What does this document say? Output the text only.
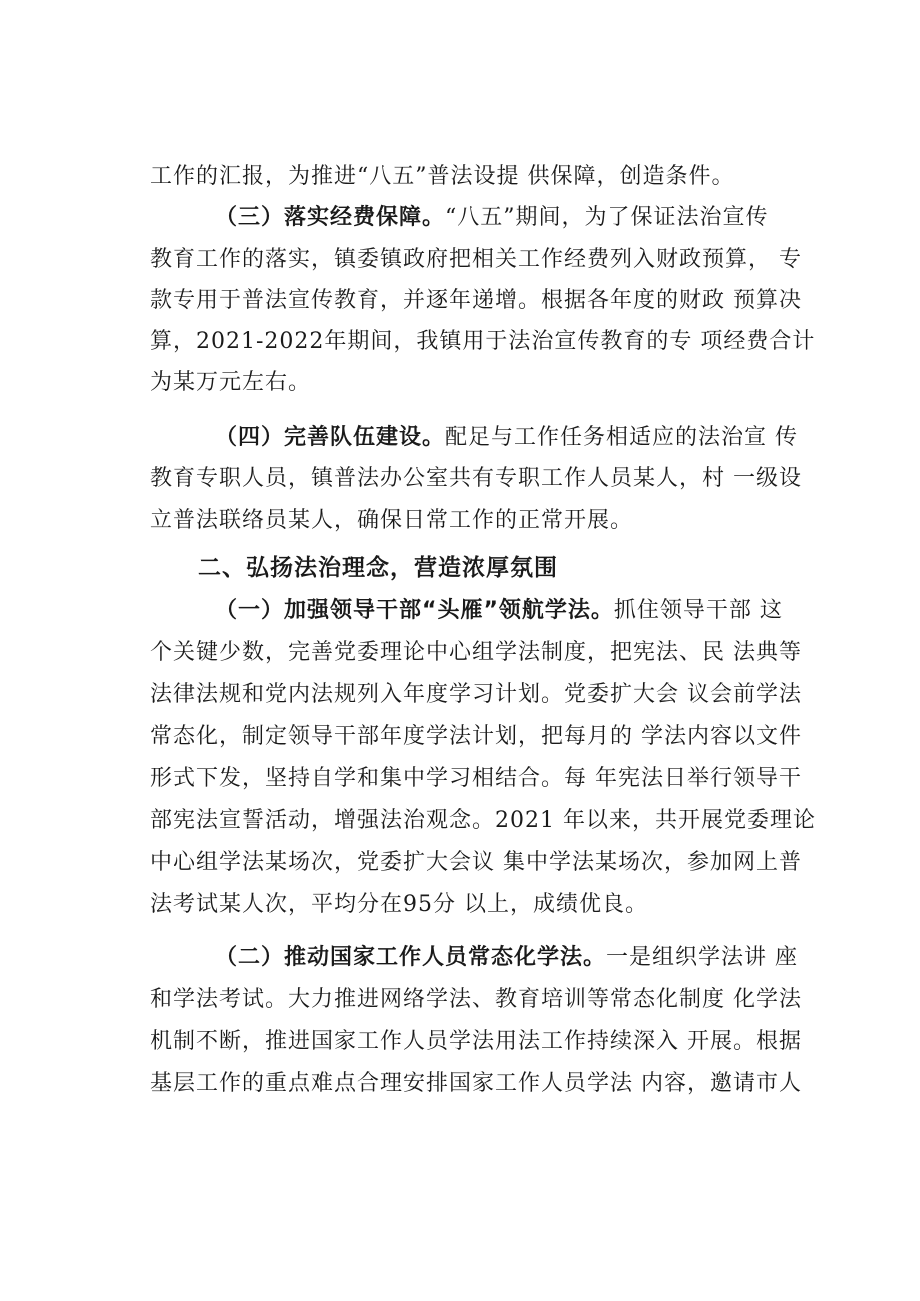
工作的汇报，为推进“八五”普法设提 供保障，创造条件。
（三）落实经费保障。“八五”期间，为了保证法治宣传
教育工作的落实，镇委镇政府把相关工作经费列入财政预算， 专
款专用于普法宣传教育，并逐年递增。根据各年度的财政 预算决
算，2021-2022年期间，我镇用于法治宣传教育的专 项经费合计
为某万元左右。
（四）完善队伍建设。配足与工作任务相适应的法治宣 传
教育专职人员，镇普法办公室共有专职工作人员某人，村 一级设
立普法联络员某人，确保日常工作的正常开展。
二、弘扬法治理念，营造浓厚氛围
（一）加强领导干部“头雁”领航学法。抓住领导干部 这
个关键少数，完善党委理论中心组学法制度，把宪法、民 法典等
法律法规和党内法规列入年度学习计划。党委扩大会 议会前学法
常态化，制定领导干部年度学法计划，把每月的 学法内容以文件
形式下发，坚持自学和集中学习相结合。每 年宪法日举行领导干
部宪法宣誓活动，增强法治观念。2021 年以来，共开展党委理论
中心组学法某场次，党委扩大会议 集中学法某场次，参加网上普
法考试某人次，平均分在95分 以上，成绩优良。
（二）推动国家工作人员常态化学法。一是组织学法讲 座
和学法考试。大力推进网络学法、教育培训等常态化制度 化学法
机制不断，推进国家工作人员学法用法工作持续深入 开展。根据
基层工作的重点难点合理安排国家工作人员学法 内容，邀请市人
